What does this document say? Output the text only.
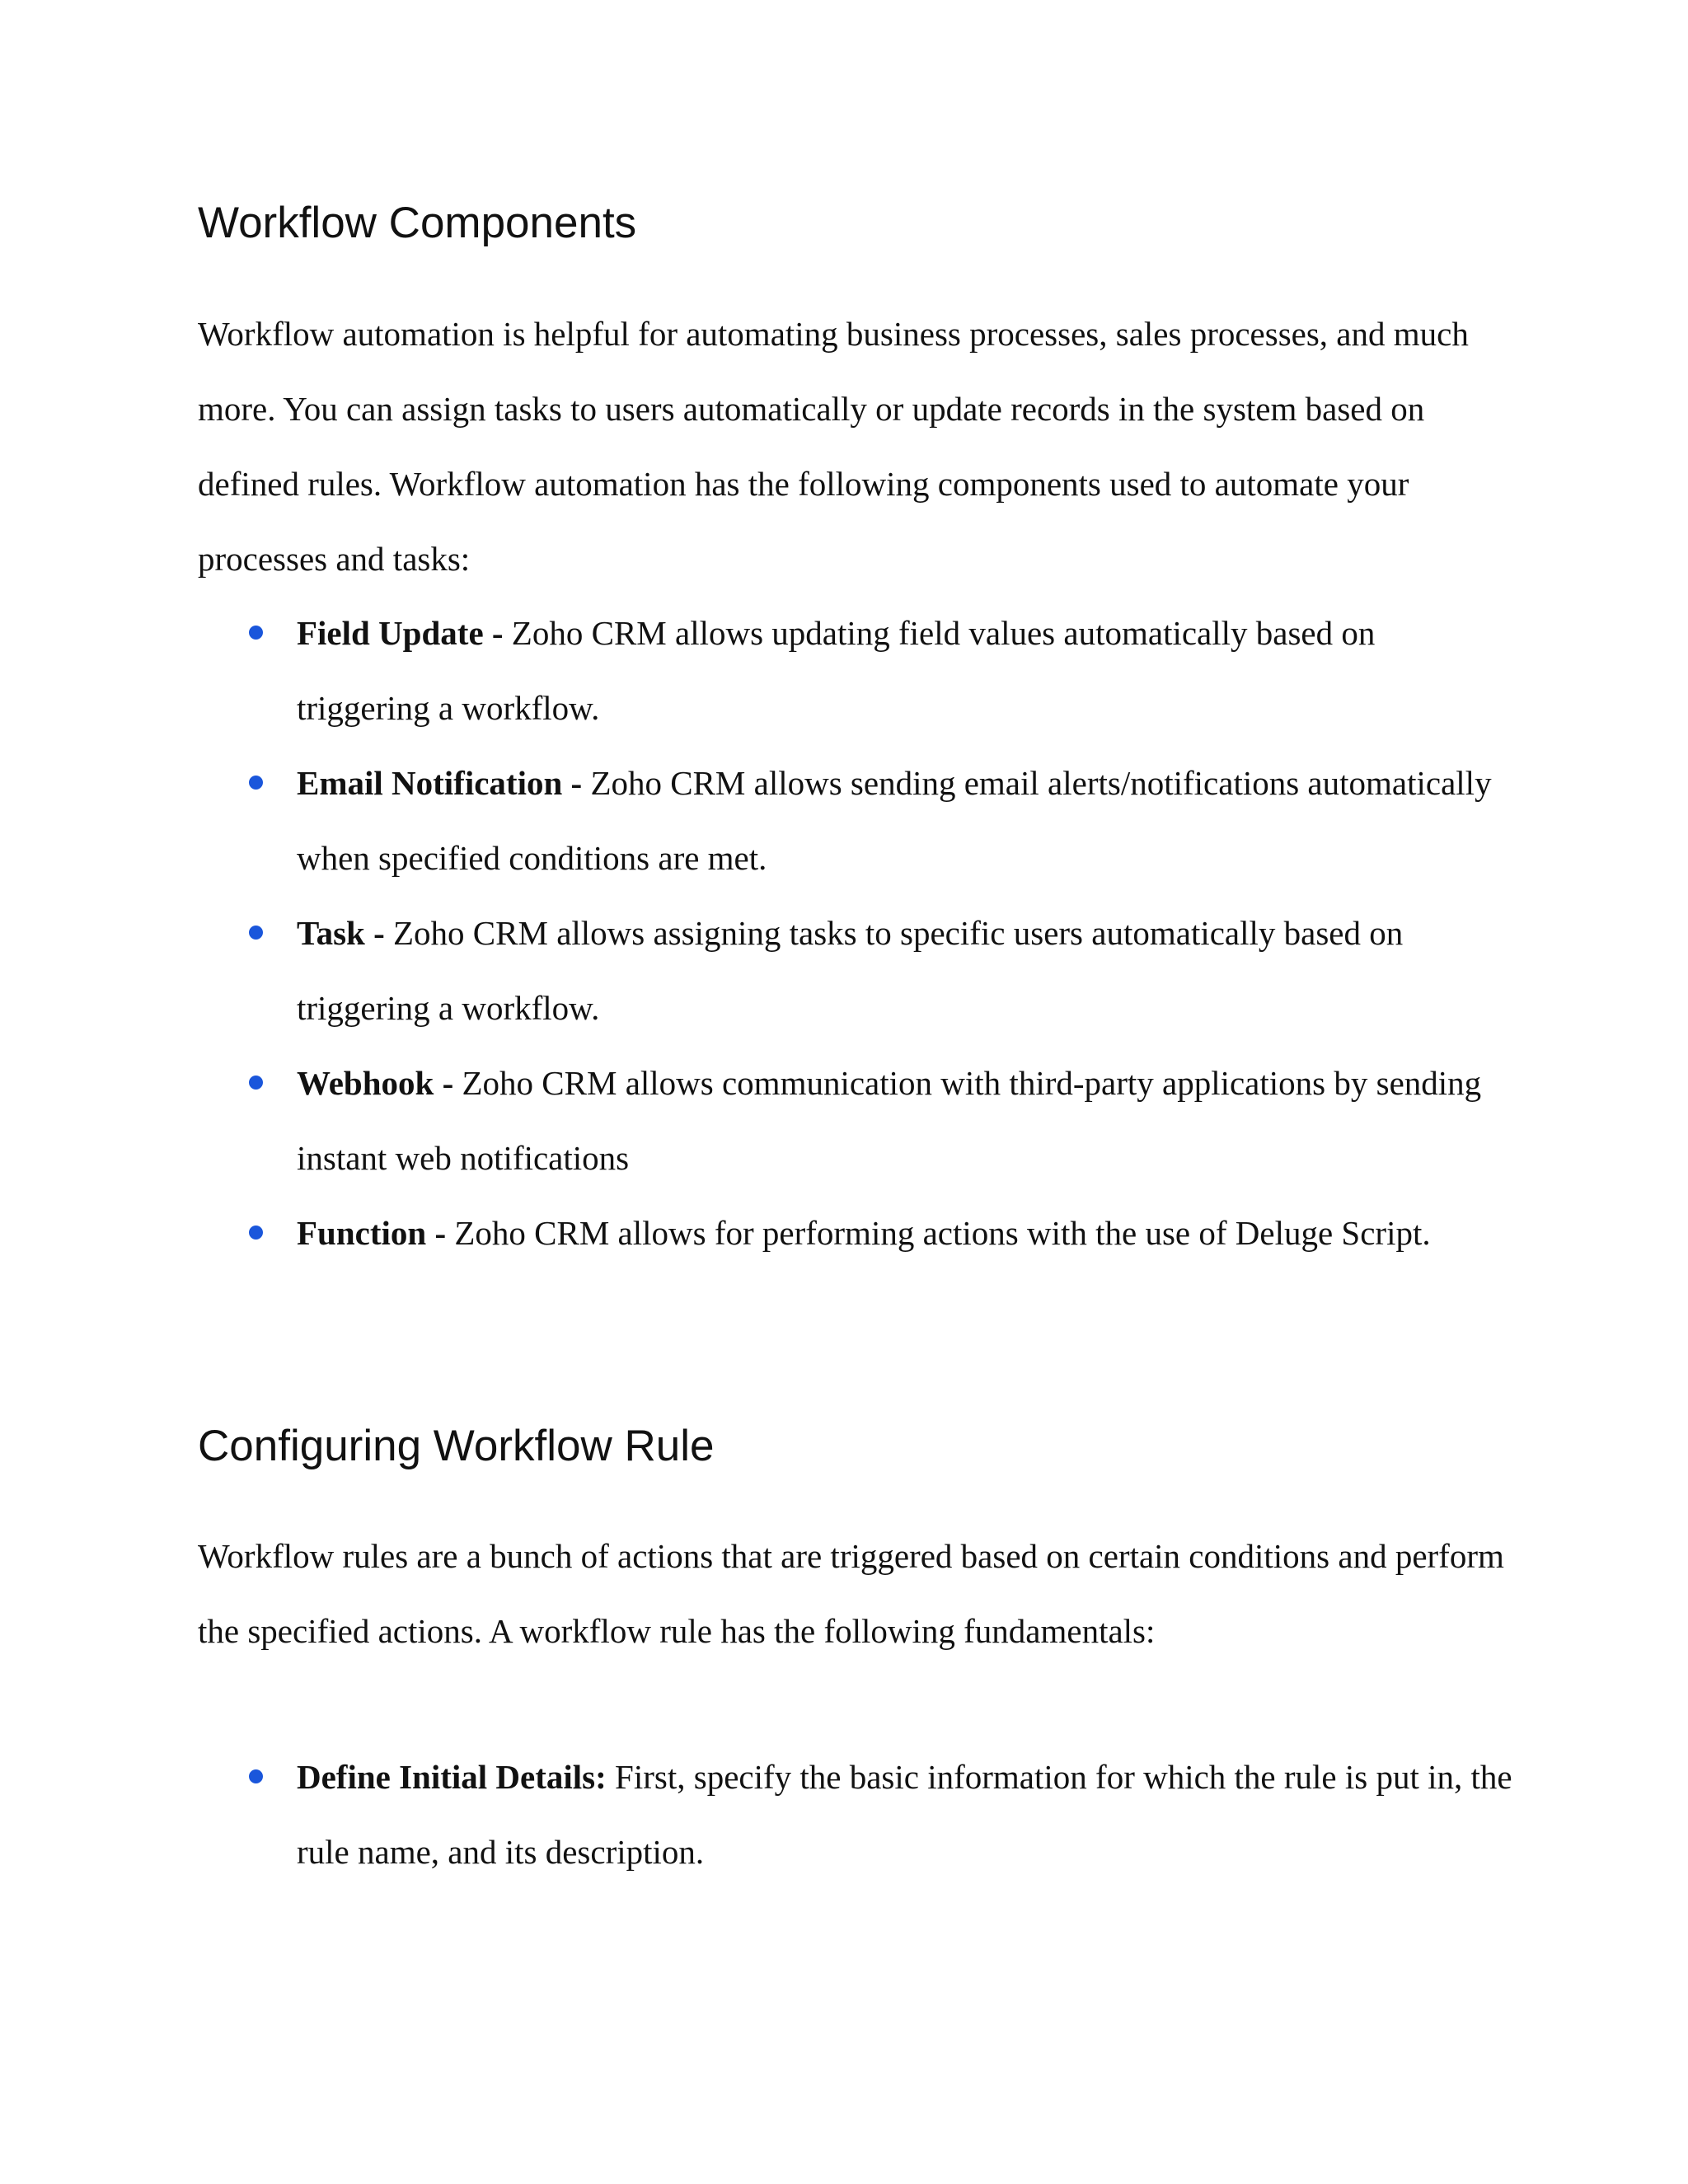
Workflow Components

Workflow automation is helpful for automating business processes, sales processes, and much more. You can assign tasks to users automatically or update records in the system based on defined rules. Workflow automation has the following components used to automate your processes and tasks:

Field Update - Zoho CRM allows updating field values automatically based on triggering a workflow.
Email Notification - Zoho CRM allows sending email alerts/notifications automatically when specified conditions are met.
Task - Zoho CRM allows assigning tasks to specific users automatically based on triggering a workflow.
Webhook - Zoho CRM allows communication with third-party applications by sending instant web notifications
Function - Zoho CRM allows for performing actions with the use of Deluge Script.
Configuring Workflow Rule

Workflow rules are a bunch of actions that are triggered based on certain conditions and perform the specified actions. A workflow rule has the following fundamentals:

Define Initial Details: First, specify the basic information for which the rule is put in, the rule name, and its description.
